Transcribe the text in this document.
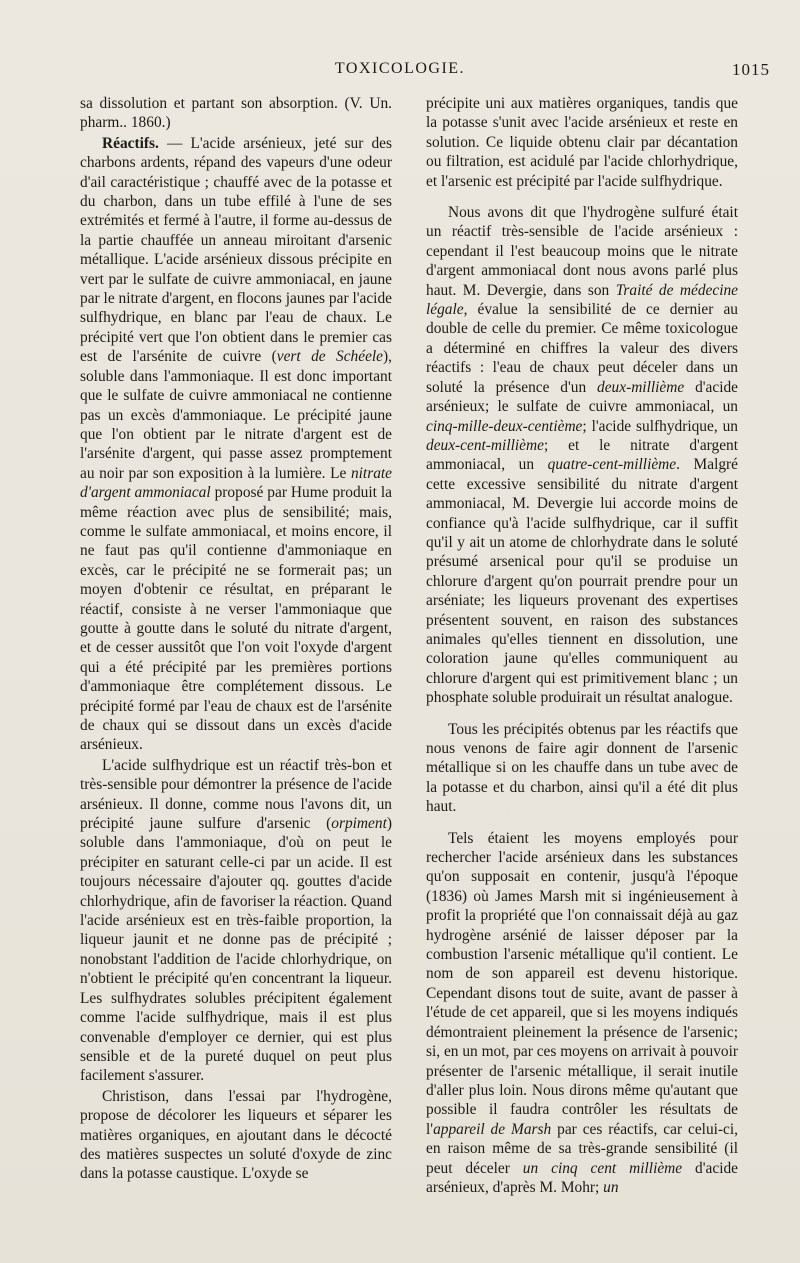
TOXICOLOGIE.	1015

sa dissolution et partant son absorption. (V. Un. pharm.. 1860.)

Réactifs. — L'acide arsénieux, jeté sur des charbons ardents, répand des vapeurs d'une odeur d'ail caractéristique ; chauffé avec de la potasse et du charbon, dans un tube effilé à l'une de ses extrémités et fermé à l'autre, il forme au-dessus de la partie chauffée un anneau miroitant d'arsenic métallique. L'acide arsénieux dissous précipite en vert par le sulfate de cuivre ammoniacal, en jaune par le nitrate d'argent, en flocons jaunes par l'acide sulfhydrique, en blanc par l'eau de chaux. Le précipité vert que l'on obtient dans le premier cas est de l'arsénite de cuivre (vert de Schéele), soluble dans l'ammoniaque. Il est donc important que le sulfate de cuivre ammoniacal ne contienne pas un excès d'ammoniaque. Le précipité jaune que l'on obtient par le nitrate d'argent est de l'arsénite d'argent, qui passe assez promptement au noir par son exposition à la lumière. Le nitrate d'argent ammoniacal proposé par Hume produit la même réaction avec plus de sensibilité; mais, comme le sulfate ammoniacal, et moins encore, il ne faut pas qu'il contienne d'ammoniaque en excès, car le précipité ne se formerait pas; un moyen d'obtenir ce résultat, en préparant le réactif, consiste à ne verser l'ammoniaque que goutte à goutte dans le soluté du nitrate d'argent, et de cesser aussitôt que l'on voit l'oxyde d'argent qui a été précipité par les premières portions d'ammoniaque être complétement dissous. Le précipité formé par l'eau de chaux est de l'arsénite de chaux qui se dissout dans un excès d'acide arsénieux.

L'acide sulfhydrique est un réactif très-bon et très-sensible pour démontrer la présence de l'acide arsénieux. Il donne, comme nous l'avons dit, un précipité jaune sulfure d'arsenic (orpiment) soluble dans l'ammoniaque, d'où on peut le précipiter en saturant celle-ci par un acide. Il est toujours nécessaire d'ajouter qq. gouttes d'acide chlorhydrique, afin de favoriser la réaction. Quand l'acide arsénieux est en très-faible proportion, la liqueur jaunit et ne donne pas de précipité ; nonobstant l'addition de l'acide chlorhydrique, on n'obtient le précipité qu'en concentrant la liqueur. Les sulfhydrates solubles précipitent également comme l'acide sulfhydrique, mais il est plus convenable d'employer ce dernier, qui est plus sensible et de la pureté duquel on peut plus facilement s'assurer.

Christison, dans l'essai par l'hydrogène, propose de décolorer les liqueurs et séparer les matières organiques, en ajoutant dans le décocté des matières suspectes un soluté d'oxyde de zinc dans la potasse caustique. L'oxyde se

précipite uni aux matières organiques, tandis que la potasse s'unit avec l'acide arsénieux et reste en solution. Ce liquide obtenu clair par décantation ou filtration, est acidulé par l'acide chlorhydrique, et l'arsenic est précipité par l'acide sulfhydrique.

Nous avons dit que l'hydrogène sulfuré était un réactif très-sensible de l'acide arsénieux : cependant il l'est beaucoup moins que le nitrate d'argent ammoniacal dont nous avons parlé plus haut. M. Devergie, dans son Traité de médecine légale, évalue la sensibilité de ce dernier au double de celle du premier. Ce même toxicologue a déterminé en chiffres la valeur des divers réactifs : l'eau de chaux peut déceler dans un soluté la présence d'un deux-millième d'acide arsénieux; le sulfate de cuivre ammoniacal, un cinq-mille-deux-centième; l'acide sulfhydrique, un deux-cent-millième; et le nitrate d'argent ammoniacal, un quatre-cent-millième. Malgré cette excessive sensibilité du nitrate d'argent ammoniacal, M. Devergie lui accorde moins de confiance qu'à l'acide sulfhydrique, car il suffit qu'il y ait un atome de chlorhydrate dans le soluté présumé arsenical pour qu'il se produise un chlorure d'argent qu'on pourrait prendre pour un arséniate; les liqueurs provenant des expertises présentent souvent, en raison des substances animales qu'elles tiennent en dissolution, une coloration jaune qu'elles communiquent au chlorure d'argent qui est primitivement blanc ; un phosphate soluble produirait un résultat analogue.

Tous les précipités obtenus par les réactifs que nous venons de faire agir donnent de l'arsenic métallique si on les chauffe dans un tube avec de la potasse et du charbon, ainsi qu'il a été dit plus haut.

Tels étaient les moyens employés pour rechercher l'acide arsénieux dans les substances qu'on supposait en contenir, jusqu'à l'époque (1836) où James Marsh mit si ingénieusement à profit la propriété que l'on connaissait déjà au gaz hydrogène arsénié de laisser déposer par la combustion l'arsenic métallique qu'il contient. Le nom de son appareil est devenu historique. Cependant disons tout de suite, avant de passer à l'étude de cet appareil, que si les moyens indiqués démontraient pleinement la présence de l'arsenic; si, en un mot, par ces moyens on arrivait à pouvoir présenter de l'arsenic métallique, il serait inutile d'aller plus loin. Nous dirons même qu'autant que possible il faudra contrôler les résultats de l'appareil de Marsh par ces réactifs, car celui-ci, en raison même de sa très-grande sensibilité (il peut déceler un cinq cent millième d'acide arsénieux, d'après M. Mohr; un
